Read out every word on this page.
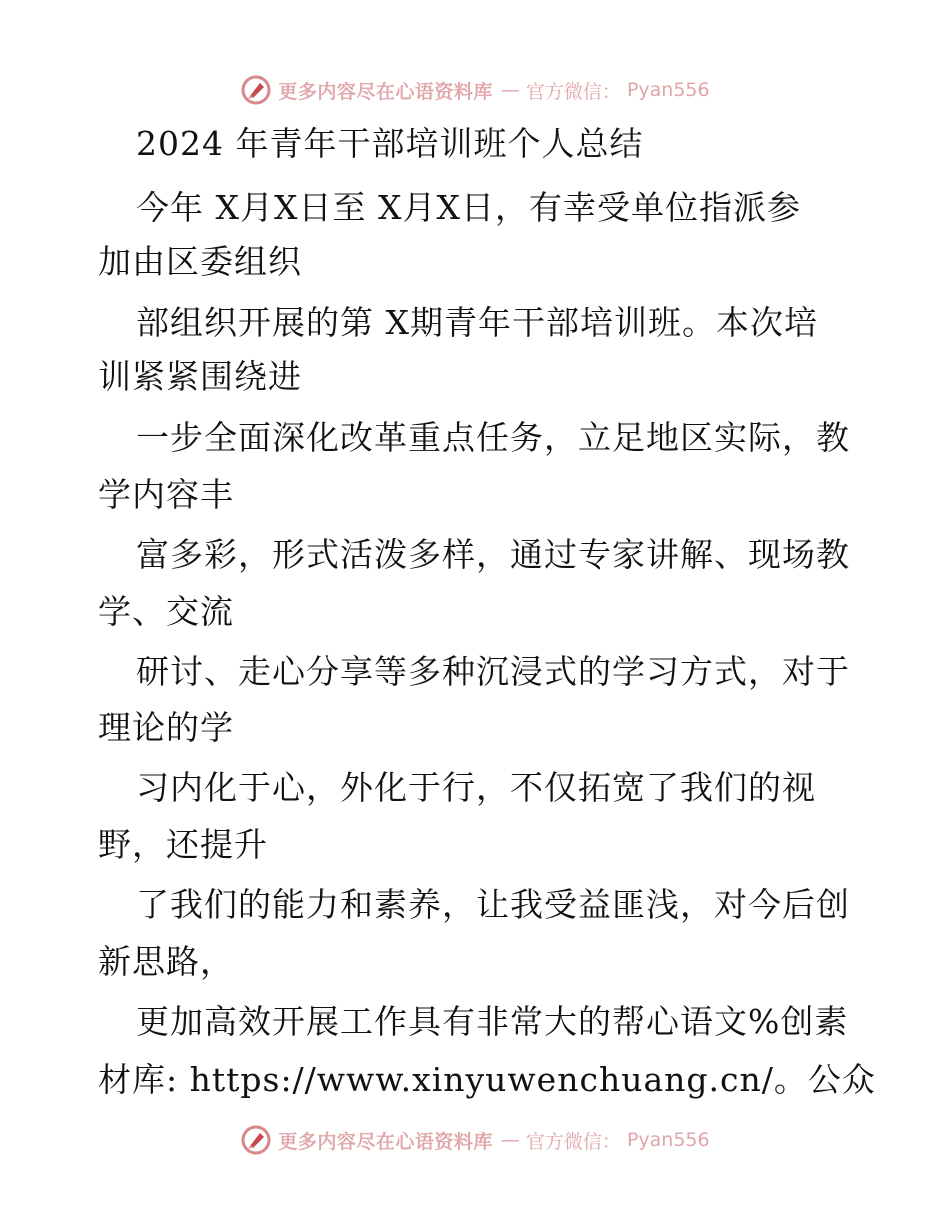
更多内容尽在心语资料库 — 官方微信： Pyan556
2024 年青年干部培训班个人总结
今年 X月X日至 X月X日，有幸受单位指派参
加由区委组织
部组织开展的第 X期青年干部培训班。本次培
训紧紧围绕进
一步全面深化改革重点任务，立足地区实际，教
学内容丰
富多彩，形式活泼多样，通过专家讲解、现场教
学、交流
研讨、走心分享等多种沉浸式的学习方式，对于
理论的学
习内化于心，外化于行，不仅拓宽了我们的视
野，还提升
了我们的能力和素养，让我受益匪浅，对今后创
新思路，
更加高效开展工作具有非常大的帮心语文%创素
材库: https://www.xinyuwenchuang.cn/。公众
更多内容尽在心语资料库 — 官方微信： Pyan556
